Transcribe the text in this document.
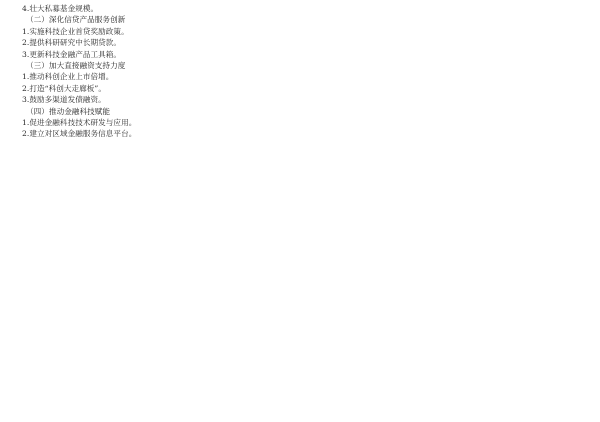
4.壮大私募基金规模。

（二）深化信贷产品服务创新

1.实施科技企业首贷奖励政策。

2.提供科研研究中长期贷款。

3.更新科技金融产品工具箱。

（三）加大直接融资支持力度

1.推动科创企业上市倍增。

2.打造“科创大走廊板”。

3.鼓励多渠道发债融资。

（四）推动金融科技赋能

1.促进金融科技技术研发与应用。

2.建立对区域金融服务信息平台。
